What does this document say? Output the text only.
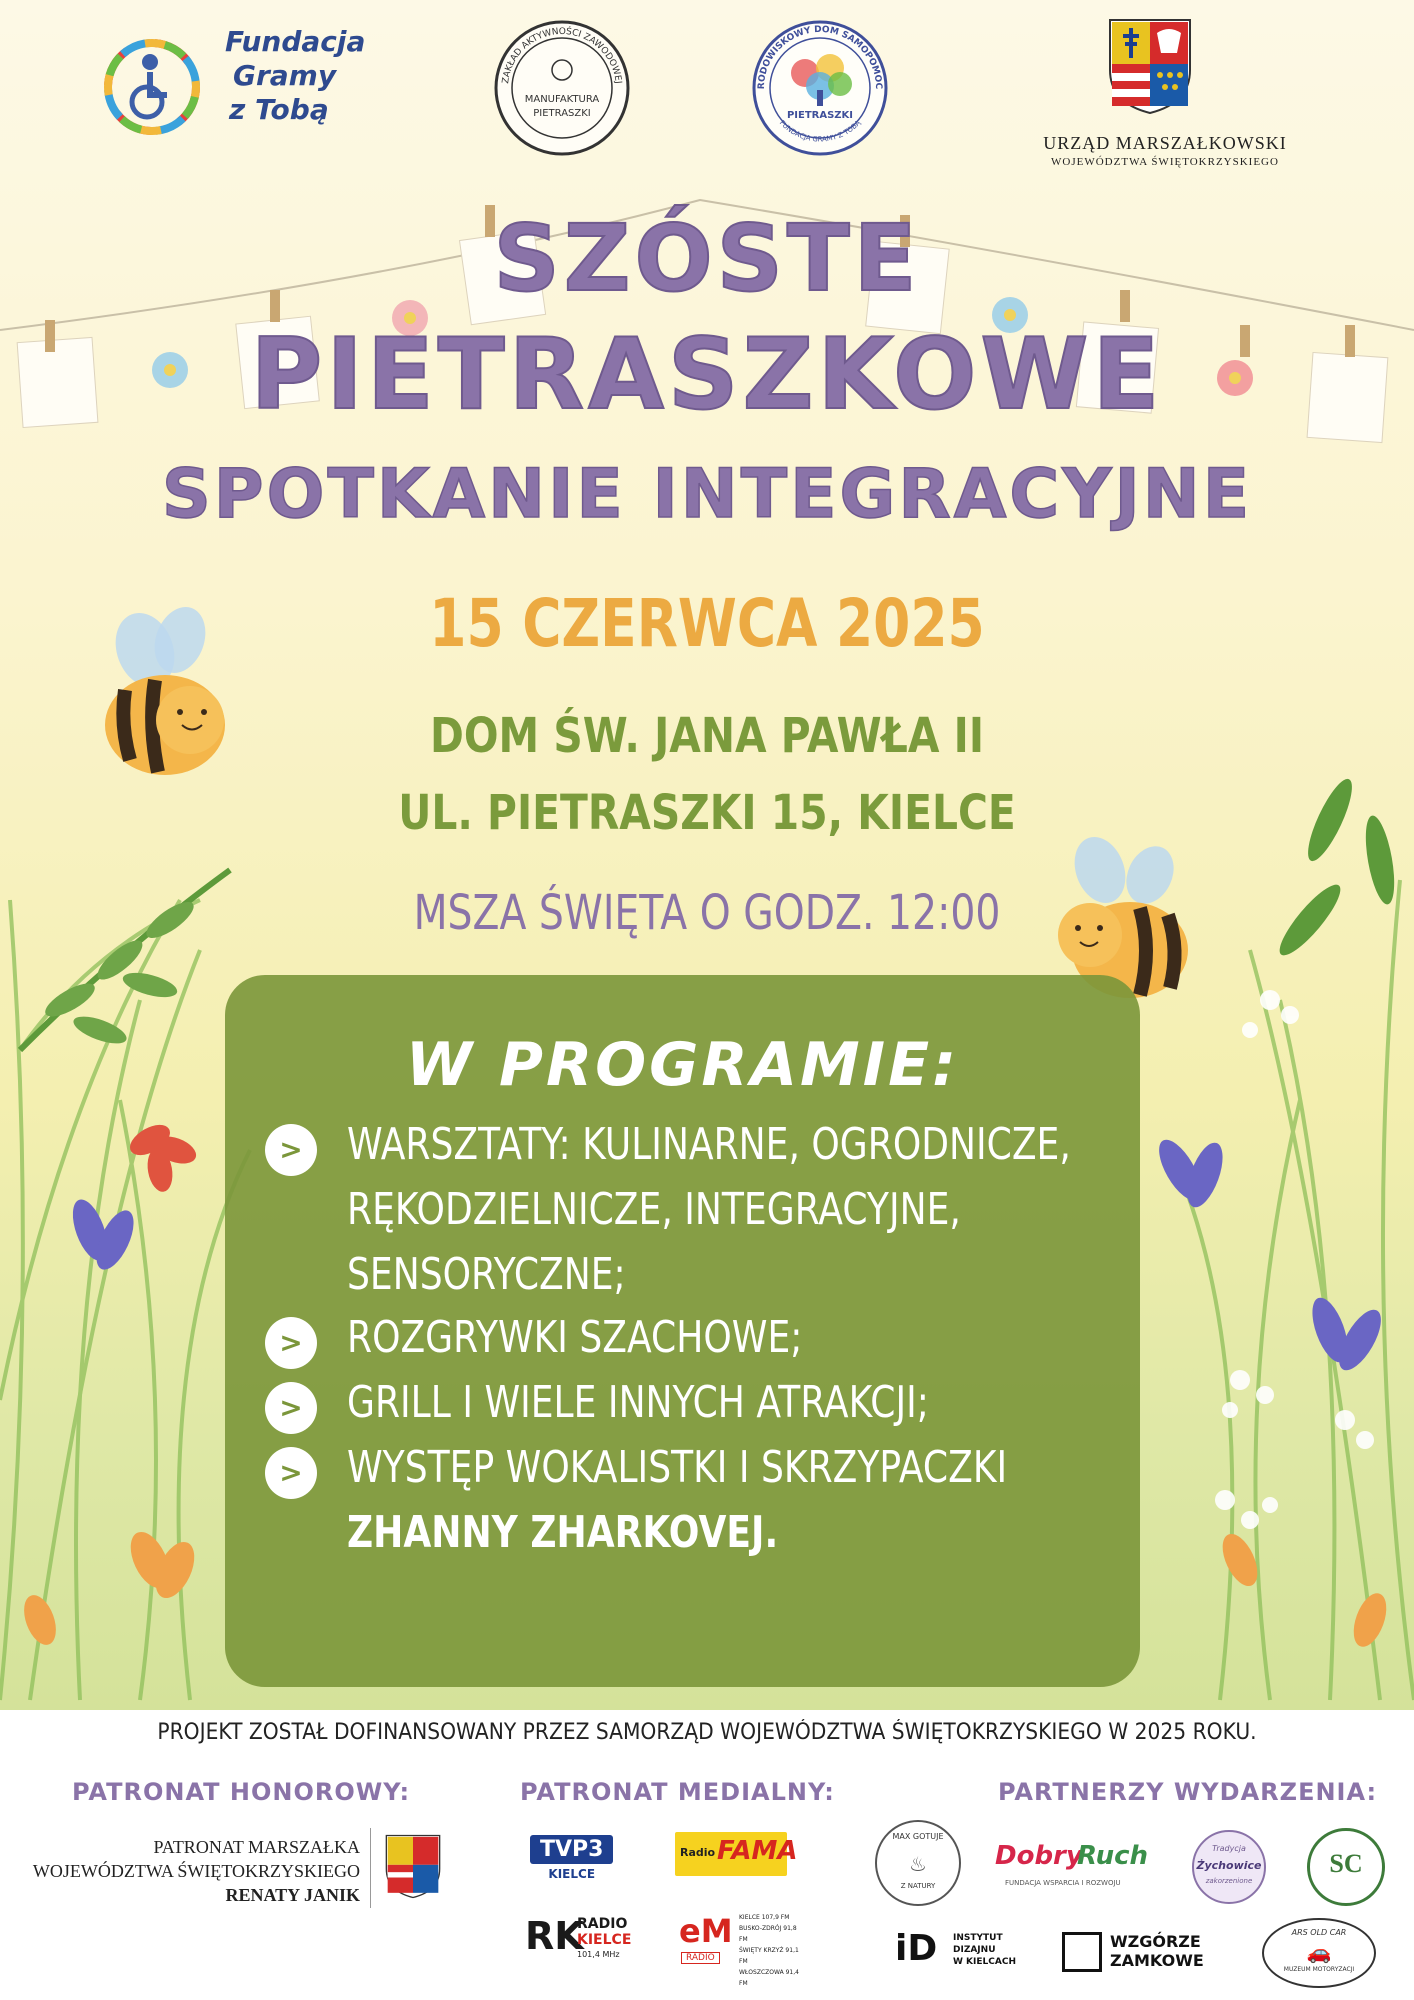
Fundacja
Gramy
z Tobą
ZAKŁAD AKTYWNOŚCI ZAWODOWEJ
MANUFAKTURA
PIETRASZKI
RODOWISKOWY DOM SAMOPOMOC
FUNDACJA GRAMY Z TOBĄ
PIETRASZKI
URZĄD MARSZAŁKOWSKI
WOJEWÓDZTWA ŚWIĘTOKRZYSKIEGO
SZÓSTE
PIETRASZKOWE
SPOTKANIE INTEGRACYJNE
15 CZERWCA 2025
DOM ŚW. JANA PAWŁA II
UL. PIETRASZKI 15, KIELCE
MSZA ŚWIĘTA O GODZ. 12:00
W PROGRAMIE:
> WARSZTATY: KULINARNE, OGRODNICZE,
RĘKODZIELNICZE, INTEGRACYJNE,
SENSORYCZNE;
> ROZGRYWKI SZACHOWE;
> GRILL I WIELE INNYCH ATRAKCJI;
> WYSTĘP WOKALISTKI I SKRZYPACZKI
ZHANNY ZHARKOVEJ.
PROJEKT ZOSTAŁ DOFINANSOWANY PRZEZ SAMORZĄD WOJEWÓDZTWA ŚWIĘTOKRZYSKIEGO W 2025 ROKU.
PATRONAT HONOROWY:	PATRONAT MEDIALNY:	PARTNERZY WYDARZENIA:
PATRONAT MARSZAŁKA
WOJEWÓDZTWA ŚWIĘTOKRZYSKIEGO
RENATY JANIK
TVP3
KIELCE
Radio FAMA
RK
RADIO
KIELCE
101,4 MHz
eM
RADIO
KIELCE 107,9 FM
BUSKO-ZDRÓJ 91,8 FM
ŚWIĘTY KRZYŻ 91,1 FM
WŁOSZCZOWA 91,4 FM
MAX GOTUJE
♨
Z NATURY
Dobry
Ruch
FUNDACJA WSPARCIA I ROZWOJU
Tradycja
Żychowice
zakorzenione
SC
iD INSTYTUT
DIZAJNU
W KIELCACH
WZGÓRZE
ZAMKOWE
ARS OLD CAR
🚗
MUZEUM MOTORYZACJI
